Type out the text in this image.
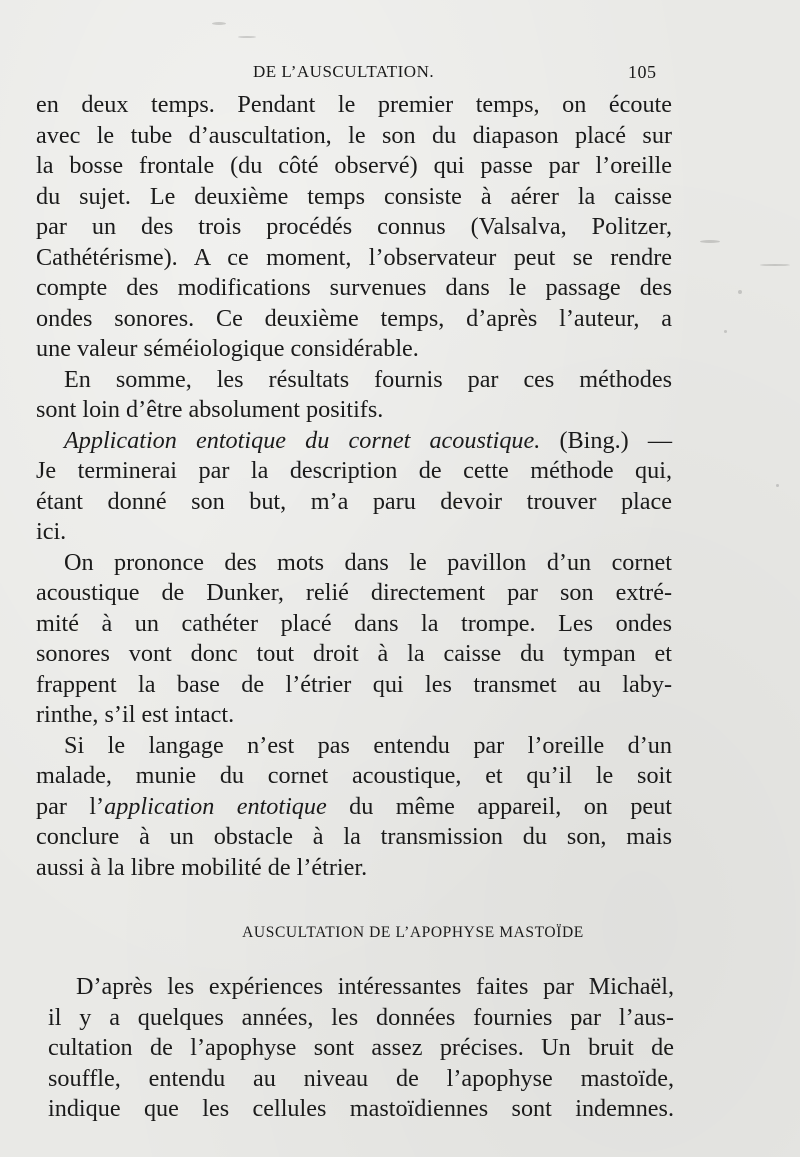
DE L’AUSCULTATION.	105
en deux temps. Pendant le premier temps, on écoute
avec le tube d’auscultation, le son du diapason placé sur
la bosse frontale (du côté observé) qui passe par l’oreille
du sujet. Le deuxième temps consiste à aérer la caisse
par un des trois procédés connus (Valsalva, Politzer,
Cathétérisme). A ce moment, l’observateur peut se rendre
compte des modifications survenues dans le passage des
ondes sonores. Ce deuxième temps, d’après l’auteur, a
une valeur séméiologique considérable.
En somme, les résultats fournis par ces méthodes
sont loin d’être absolument positifs.
Application entotique du cornet acoustique. (Bing.) —
Je terminerai par la description de cette méthode qui,
étant donné son but, m’a paru devoir trouver place
ici.
On prononce des mots dans le pavillon d’un cornet
acoustique de Dunker, relié directement par son extré-
mité à un cathéter placé dans la trompe. Les ondes
sonores vont donc tout droit à la caisse du tympan et
frappent la base de l’étrier qui les transmet au laby-
rinthe, s’il est intact.
Si le langage n’est pas entendu par l’oreille d’un
malade, munie du cornet acoustique, et qu’il le soit
par l’application entotique du même appareil, on peut
conclure à un obstacle à la transmission du son, mais
aussi à la libre mobilité de l’étrier.
AUSCULTATION DE L’APOPHYSE MASTOÏDE
D’après les expériences intéressantes faites par Michaël,
il y a quelques années, les données fournies par l’aus-
cultation de l’apophyse sont assez précises. Un bruit de
souffle, entendu au niveau de l’apophyse mastoïde,
indique que les cellules mastoïdiennes sont indemnes.
